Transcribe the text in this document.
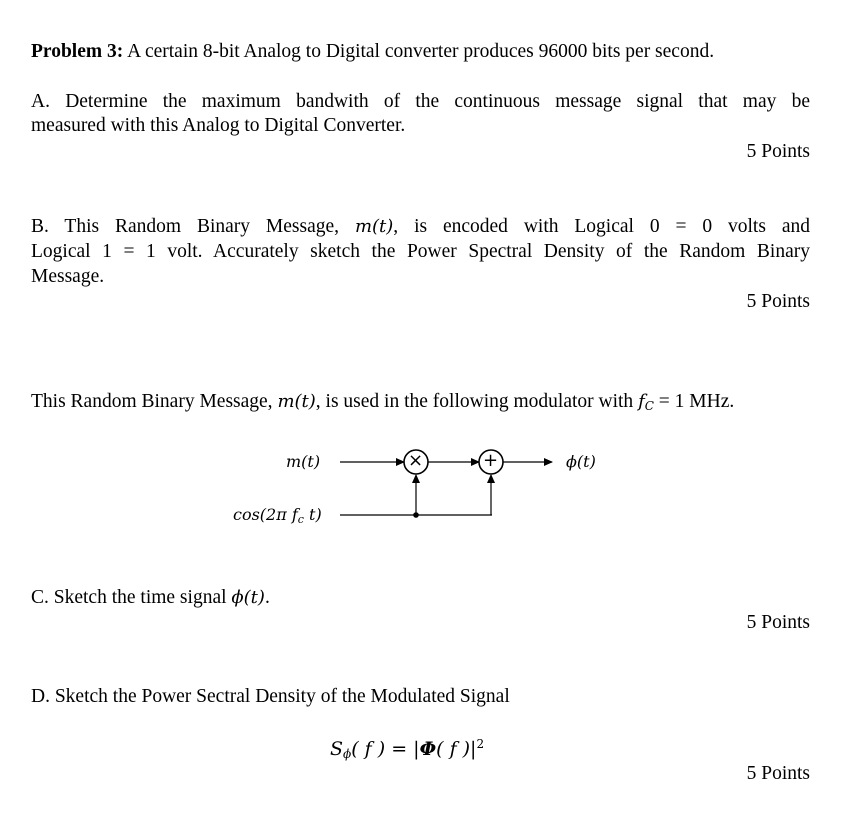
Problem 3: A certain 8-bit Analog to Digital converter produces 96000 bits per second.
A. Determine the maximum bandwith of the continuous message signal that may be
measured with this Analog to Digital Converter.
5 Points
B. This Random Binary Message, m(t), is encoded with Logical 0 = 0 volts and
Logical 1 = 1 volt. Accurately sketch the Power Spectral Density of the Random Binary
Message.
5 Points
This Random Binary Message, m(t), is used in the following modulator with $f_C = 1$ MHz.
×	+
m(t)
cos(2π fc t)
ϕ(t)
C. Sketch the time signal ϕ(t).
5 Points
D. Sketch the Power Sectral Density of the Modulated Signal
$S_\phi$( f ) = |Φ( f )$|^2$
5 Points
